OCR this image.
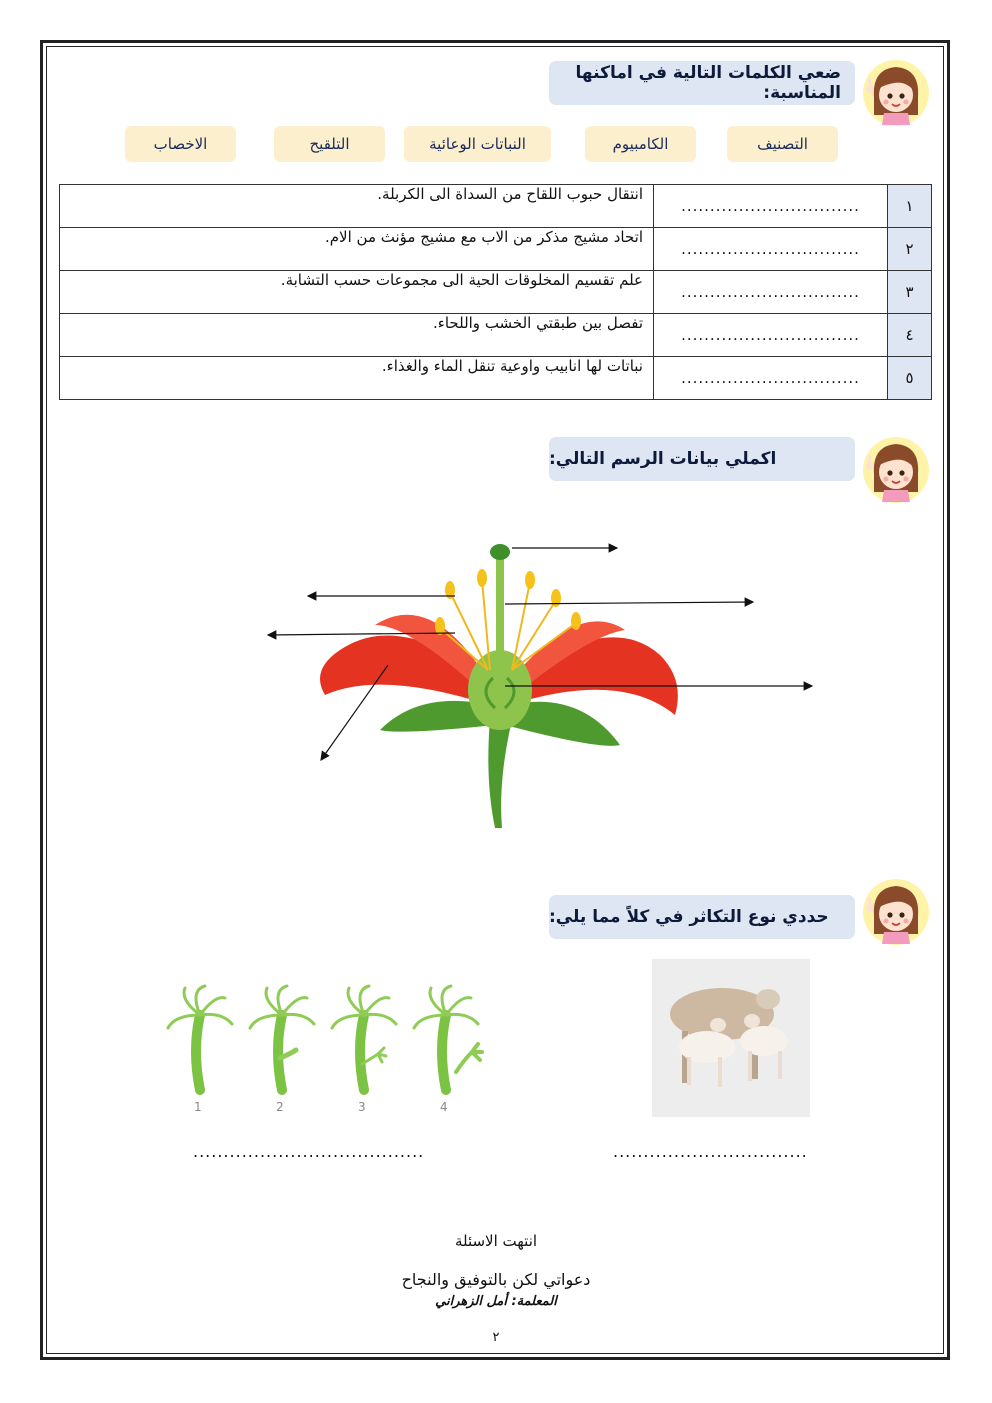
ضعي الكلمات التالية في اماكنها المناسبة:
التصنيف
الكامبيوم
النباتات الوعائية
التلقيح
الاخصاب
١	...............................	انتقال حبوب اللقاح من السداة الى الكربلة.
٢	...............................	اتحاد مشيج مذكر من الاب مع مشيج مؤنث من الام.
٣	...............................	علم تقسيم المخلوقات الحية الى مجموعات حسب التشابة.
٤	...............................	تفصل بين طبقتي الخشب واللحاء.
٥	...............................	نباتات لها انابيب واوعية تنقل الماء والغذاء.
اكملي بيانات الرسم التالي:
حددي نوع التكاثر في كلاً مما يلي:
1	2	3	4
......................................	................................
انتهت الاسئلة
دعواتي لكن بالتوفيق والنجاح
المعلمة: أمل الزهراني
٢
